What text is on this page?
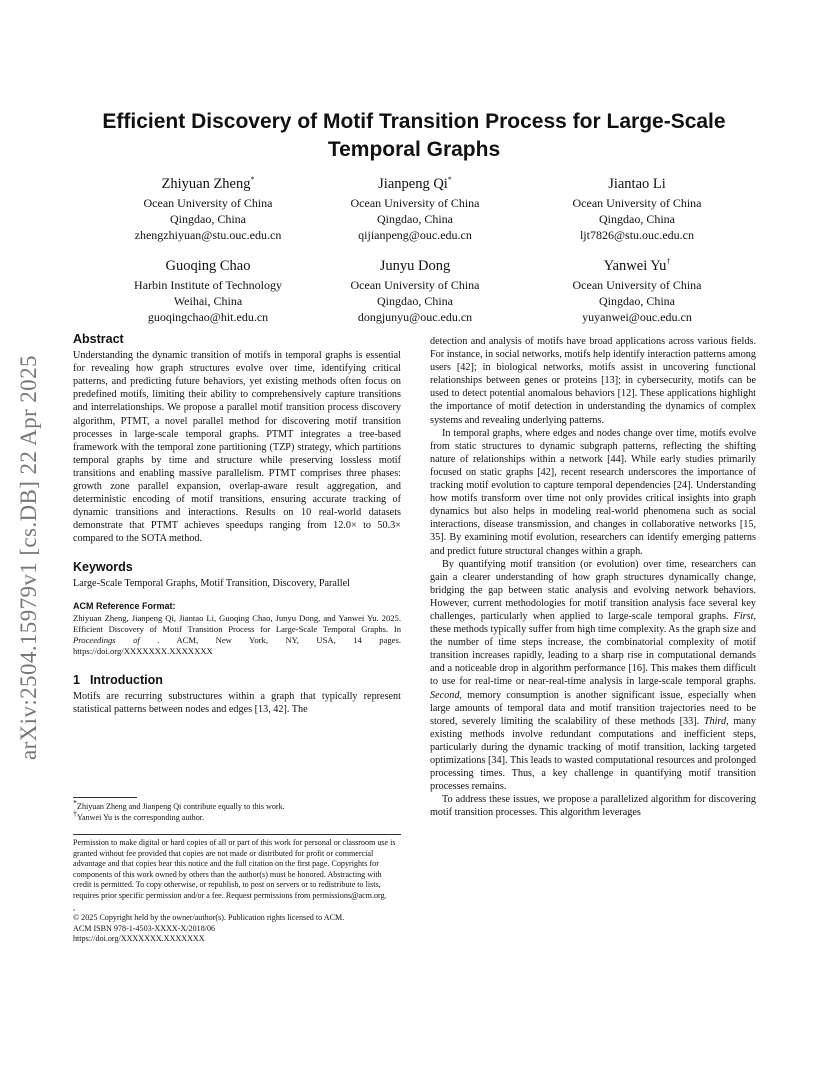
Efficient Discovery of Motif Transition Process for Large-Scale Temporal Graphs
Zhiyuan Zheng*
Ocean University of China
Qingdao, China
zhengzhiyuan@stu.ouc.edu.cn
Jianpeng Qi*
Ocean University of China
Qingdao, China
qijianpeng@ouc.edu.cn
Jiantao Li
Ocean University of China
Qingdao, China
ljt7826@stu.ouc.edu.cn
Guoqing Chao
Harbin Institute of Technology
Weihai, China
guoqingchao@hit.edu.cn
Junyu Dong
Ocean University of China
Qingdao, China
dongjunyu@ouc.edu.cn
Yanwei Yu†
Ocean University of China
Qingdao, China
yuyanwei@ouc.edu.cn
arXiv:2504.15979v1 [cs.DB] 22 Apr 2025
Abstract

Understanding the dynamic transition of motifs in temporal graphs is essential for revealing how graph structures evolve over time, identifying critical patterns, and predicting future behaviors, yet existing methods often focus on predefined motifs, limiting their ability to comprehensively capture transitions and interrelationships. We propose a parallel motif transition process discovery algorithm, PTMT, a novel parallel method for discovering motif transition processes in large-scale temporal graphs. PTMT integrates a tree-based framework with the temporal zone partitioning (TZP) strategy, which partitions temporal graphs by time and structure while preserving lossless motif transitions and enabling massive parallelism. PTMT comprises three phases: growth zone parallel expansion, overlap-aware result aggregation, and deterministic encoding of motif transitions, ensuring accurate tracking of dynamic transitions and interactions. Results on 10 real-world datasets demonstrate that PTMT achieves speedups ranging from 12.0× to 50.3× compared to the SOTA method.

Keywords

Large-Scale Temporal Graphs, Motif Transition, Discovery, Parallel

ACM Reference Format:

Zhiyuan Zheng, Jianpeng Qi, Jiantao Li, Guoqing Chao, Junyu Dong, and Yanwei Yu. 2025. Efficient Discovery of Motif Transition Process for Large-Scale Temporal Graphs. In Proceedings of . ACM, New York, NY, USA, 14 pages. https://doi.org/XXXXXXX.XXXXXXX

1 Introduction

Motifs are recurring substructures within a graph that typically represent statistical patterns between nodes and edges [13, 42]. The

*Zhiyuan Zheng and Jianpeng Qi contribute equally to this work.
†Yanwei Yu is the corresponding author.
Permission to make digital or hard copies of all or part of this work for personal or classroom use is granted without fee provided that copies are not made or distributed for profit or commercial advantage and that copies bear this notice and the full citation on the first page. Copyrights for components of this work owned by others than the author(s) must be honored. Abstracting with credit is permitted. To copy otherwise, or republish, to post on servers or to redistribute to lists, requires prior specific permission and/or a fee. Request permissions from permissions@acm.org.
,
© 2025 Copyright held by the owner/author(s). Publication rights licensed to ACM.
ACM ISBN 978-1-4503-XXXX-X/2018/06
https://doi.org/XXXXXXX.XXXXXXX

detection and analysis of motifs have broad applications across various fields. For instance, in social networks, motifs help identify interaction patterns among users [42]; in biological networks, motifs assist in uncovering functional relationships between genes or proteins [13]; in cybersecurity, motifs can be used to detect potential anomalous behaviors [12]. These applications highlight the importance of motif detection in understanding the dynamics of complex systems and revealing underlying patterns.

In temporal graphs, where edges and nodes change over time, motifs evolve from static structures to dynamic subgraph patterns, reflecting the shifting nature of relationships within a network [44]. While early studies primarily focused on static graphs [42], recent research underscores the importance of tracking motif evolution to capture temporal dependencies [24]. Understanding how motifs transform over time not only provides critical insights into graph dynamics but also helps in modeling real-world phenomena such as social interactions, disease transmission, and changes in collaborative networks [15, 35]. By examining motif evolution, researchers can identify emerging patterns and predict future structural changes within a graph.

By quantifying motif transition (or evolution) over time, researchers can gain a clearer understanding of how graph structures dynamically change, bridging the gap between static analysis and evolving network behaviors. However, current methodologies for motif transition analysis face several key challenges, particularly when applied to large-scale temporal graphs. First, these methods typically suffer from high time complexity. As the graph size and the number of time steps increase, the combinatorial complexity of motif transition increases rapidly, leading to a sharp rise in computational demands and a noticeable drop in algorithm performance [16]. This makes them difficult to use for real-time or near-real-time analysis in large-scale temporal graphs. Second, memory consumption is another significant issue, especially when large amounts of temporal data and motif transition trajectories need to be stored, severely limiting the scalability of these methods [33]. Third, many existing methods involve redundant computations and inefficient steps, particularly during the dynamic tracking of motif transition, lacking targeted optimizations [34]. This leads to wasted computational resources and prolonged processing times. Thus, a key challenge in quantifying motif transition processes remains.

To address these issues, we propose a parallelized algorithm for discovering motif transition processes. This algorithm leverages
